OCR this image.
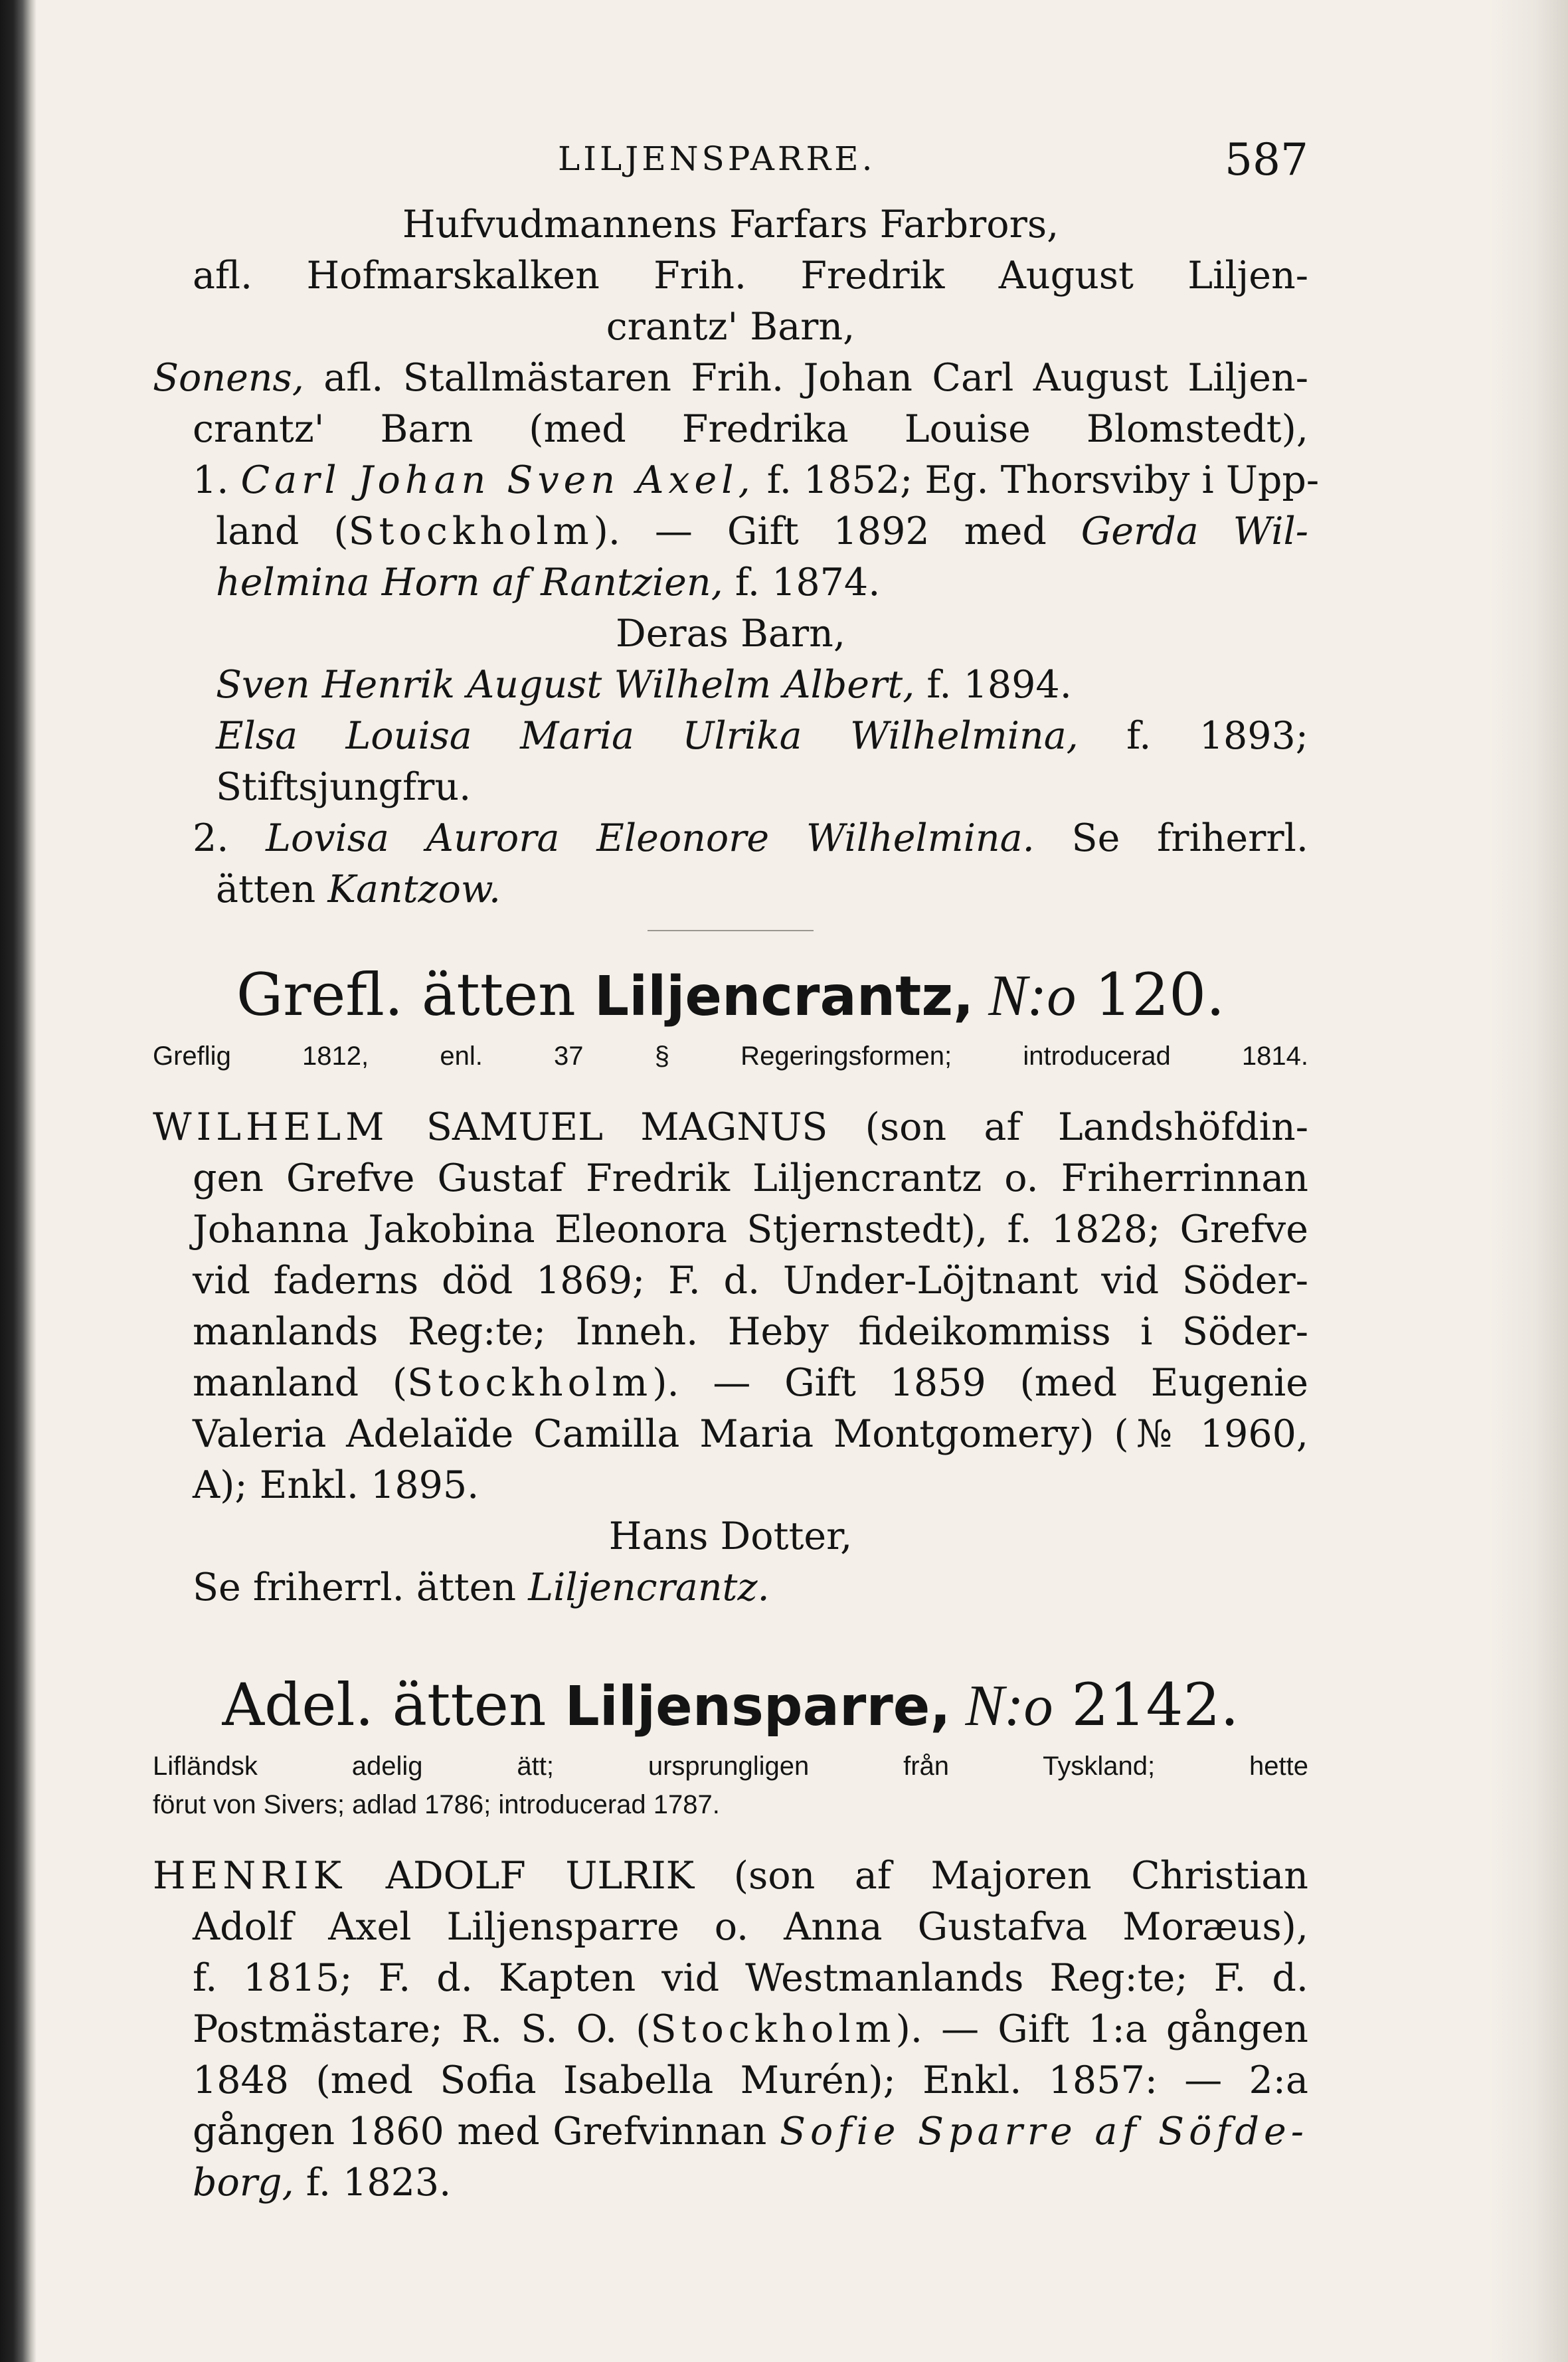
LILJENSPARRE.	587
Hufvudmannens Farfars Farbrors,
afl. Hofmarskalken Frih. Fredrik August Liljen-
crantz' Barn,
Sonens, afl. Stallmästaren Frih. Johan Carl August Liljen-
crantz' Barn (med Fredrika Louise Blomstedt),
1. Carl Johan Sven Axel, f. 1852; Eg. Thorsviby i Upp-
land (Stockholm). — Gift 1892 med Gerda Wil-
helmina Horn af Rantzien, f. 1874.
Deras Barn,
Sven Henrik August Wilhelm Albert, f. 1894.
Elsa Louisa Maria Ulrika Wilhelmina, f. 1893;
Stiftsjungfru.
2. Lovisa Aurora Eleonore Wilhelmina. Se friherrl.
ätten Kantzow.
Grefl. ätten Liljencrantz, N:o 120.
Greflig 1812, enl. 37 § Regeringsformen; introducerad 1814.
WILHELM SAMUEL MAGNUS (son af Landshöfdin-
gen Grefve Gustaf Fredrik Liljencrantz o. Friherrinnan
Johanna Jakobina Eleonora Stjernstedt), f. 1828; Grefve
vid faderns död 1869; F. d. Under-Löjtnant vid Söder-
manlands Reg:te; Inneh. Heby fideikommiss i Söder-
manland (Stockholm). — Gift 1859 (med Eugenie
Valeria Adelaïde Camilla Maria Montgomery) (№ 1960,
A); Enkl. 1895.
Hans Dotter,
Se friherrl. ätten Liljencrantz.
Adel. ätten Liljensparre, N:o 2142.
Lifländsk adelig ätt; ursprungligen från Tyskland; hette
förut von Sivers; adlad 1786; introducerad 1787.
HENRIK ADOLF ULRIK (son af Majoren Christian
Adolf Axel Liljensparre o. Anna Gustafva Moræus),
f. 1815; F. d. Kapten vid Westmanlands Reg:te; F. d.
Postmästare; R. S. O. (Stockholm). — Gift 1:a gången
1848 (med Sofia Isabella Murén); Enkl. 1857: — 2:a
gången 1860 med Grefvinnan Sofie Sparre af Söfde-
borg, f. 1823.
